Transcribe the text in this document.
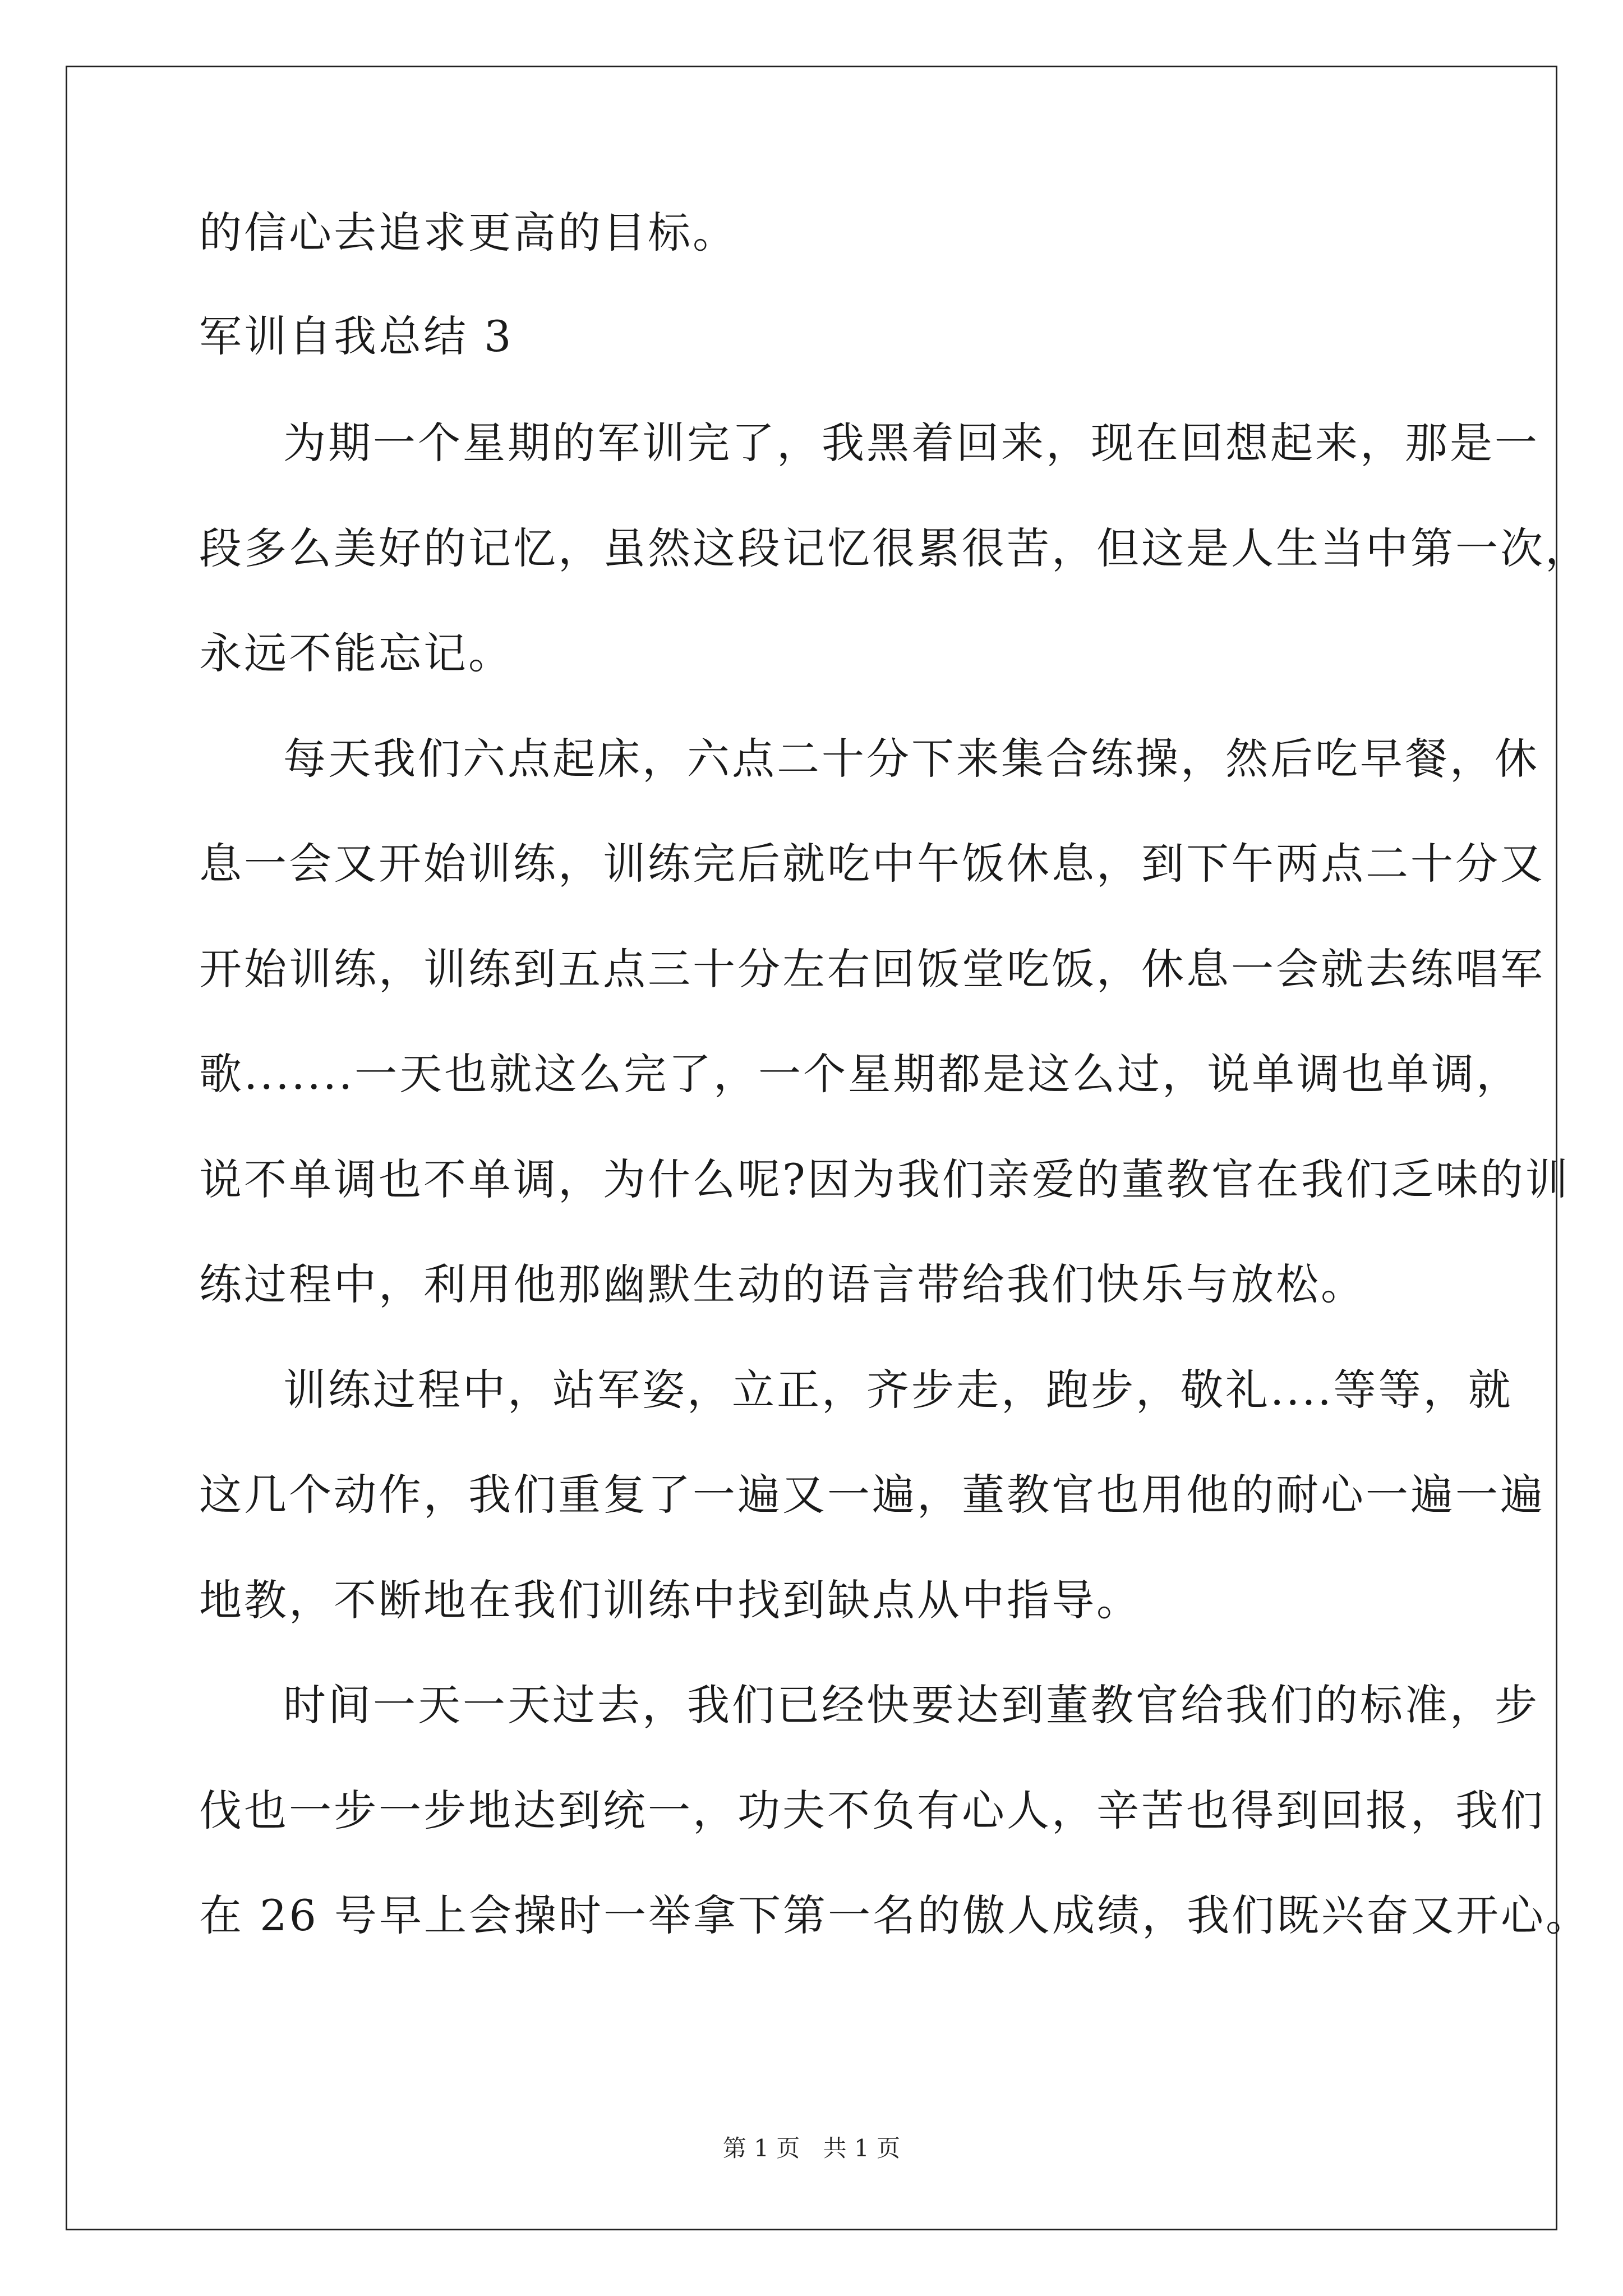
的信心去追求更高的目标。
军训自我总结 3
为期一个星期的军训完了，我黑着回来，现在回想起来，那是一
段多么美好的记忆，虽然这段记忆很累很苦，但这是人生当中第一次，
永远不能忘记。
每天我们六点起床，六点二十分下来集合练操，然后吃早餐，休
息一会又开始训练，训练完后就吃中午饭休息，到下午两点二十分又
开始训练，训练到五点三十分左右回饭堂吃饭，休息一会就去练唱军
歌.......一天也就这么完了，一个星期都是这么过，说单调也单调，
说不单调也不单调，为什么呢?因为我们亲爱的董教官在我们乏味的训
练过程中，利用他那幽默生动的语言带给我们快乐与放松。
训练过程中，站军姿，立正，齐步走，跑步，敬礼....等等，就
这几个动作，我们重复了一遍又一遍，董教官也用他的耐心一遍一遍
地教，不断地在我们训练中找到缺点从中指导。
时间一天一天过去，我们已经快要达到董教官给我们的标准，步
伐也一步一步地达到统一，功夫不负有心人，辛苦也得到回报，我们
在 26 号早上会操时一举拿下第一名的傲人成绩，我们既兴奋又开心。
第 1 页 共 1 页
